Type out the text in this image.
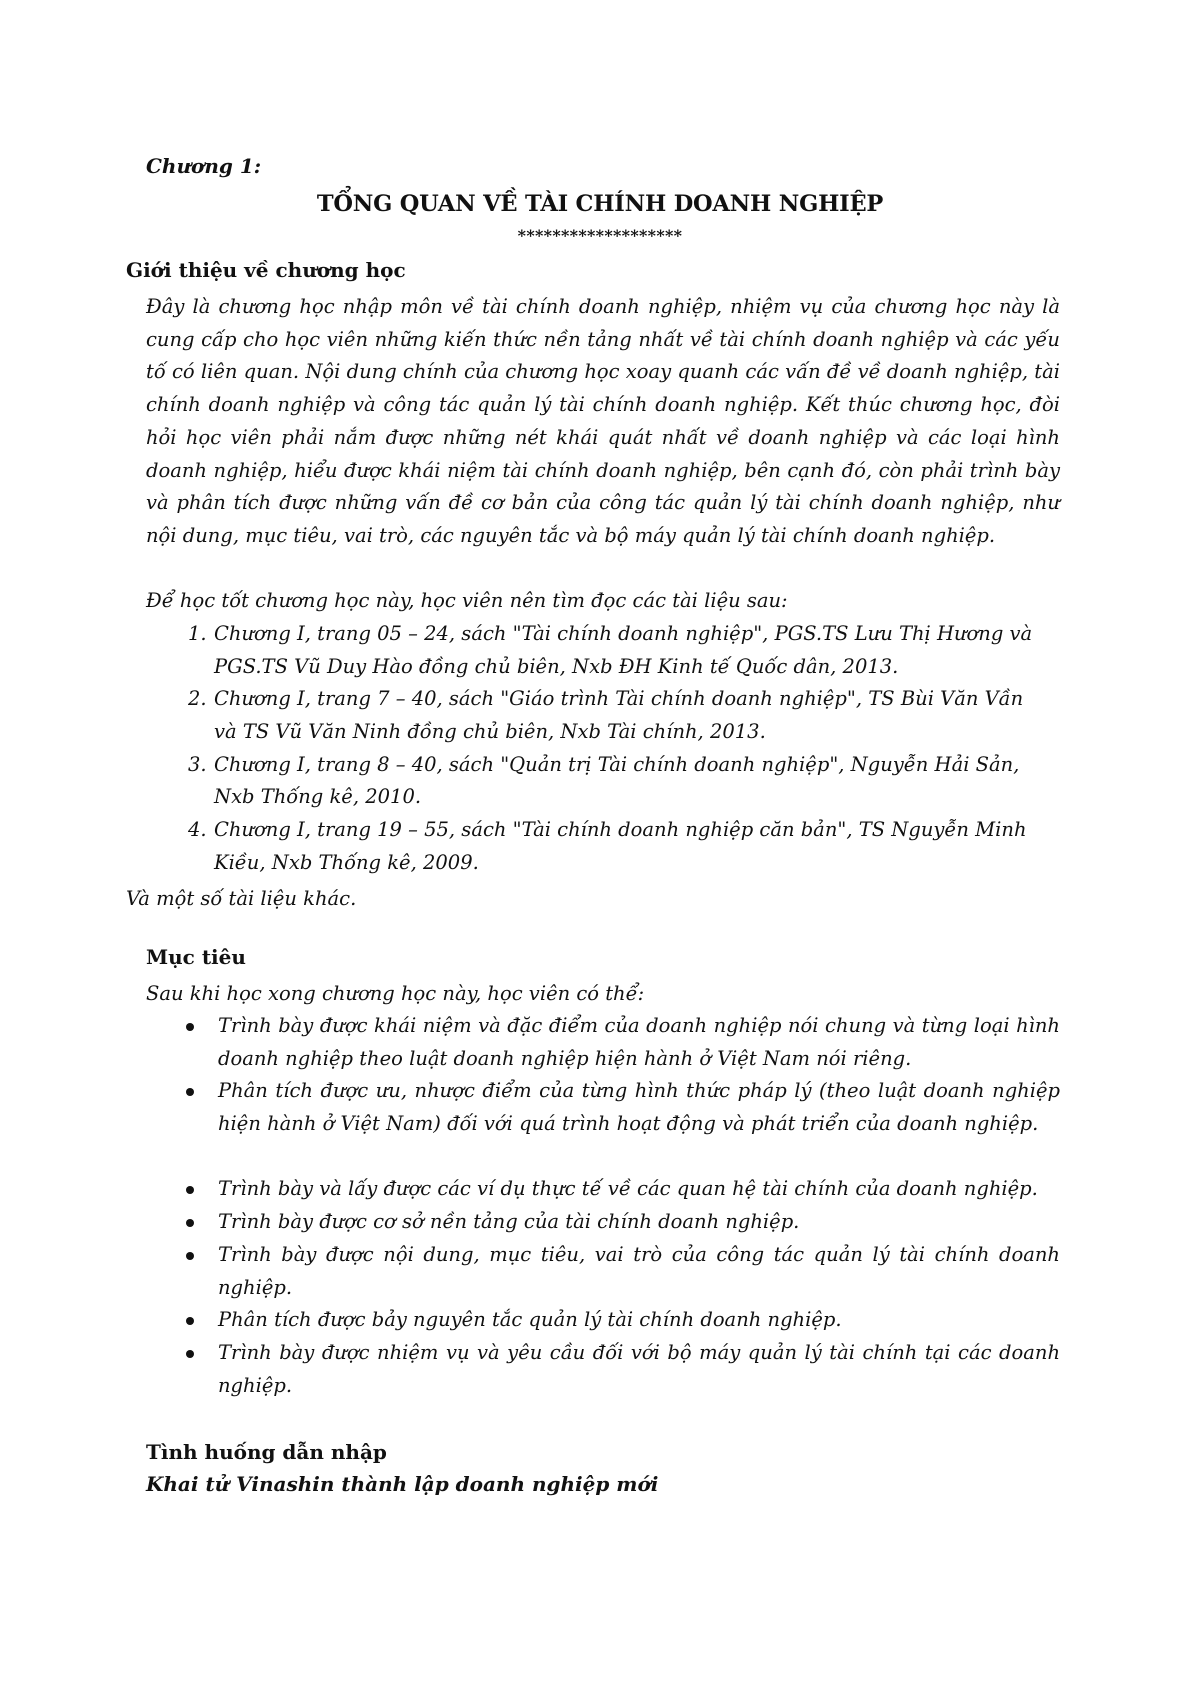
Chương 1:

TỔNG QUAN VỀ TÀI CHÍNH DOANH NGHIỆP

*******************

Giới thiệu về chương học

Đây là chương học nhập môn về tài chính doanh nghiệp, nhiệm vụ của chương học này là cung cấp cho học viên những kiến thức nền tảng nhất về tài chính doanh nghiệp và các yếu tố có liên quan. Nội dung chính của chương học xoay quanh các vấn đề về doanh nghiệp, tài chính doanh nghiệp và công tác quản lý tài chính doanh nghiệp. Kết thúc chương học, đòi hỏi học viên phải nắm được những nét khái quát nhất về doanh nghiệp và các loại hình doanh nghiệp, hiểu được khái niệm tài chính doanh nghiệp, bên cạnh đó, còn phải trình bày và phân tích được những vấn đề cơ bản của công tác quản lý tài chính doanh nghiệp, như nội dung, mục tiêu, vai trò, các nguyên tắc và bộ máy quản lý tài chính doanh nghiệp.

Để học tốt chương học này, học viên nên tìm đọc các tài liệu sau:

1. Chương I, trang 05 – 24, sách "Tài chính doanh nghiệp", PGS.TS Lưu Thị Hương và
PGS.TS Vũ Duy Hào đồng chủ biên, Nxb ĐH Kinh tế Quốc dân, 2013.
2. Chương I, trang 7 – 40, sách "Giáo trình Tài chính doanh nghiệp", TS Bùi Văn Vần
và TS Vũ Văn Ninh đồng chủ biên, Nxb Tài chính, 2013.
3. Chương I, trang 8 – 40, sách "Quản trị Tài chính doanh nghiệp", Nguyễn Hải Sản,
Nxb Thống kê, 2010.
4. Chương I, trang 19 – 55, sách "Tài chính doanh nghiệp căn bản", TS Nguyễn Minh
Kiều, Nxb Thống kê, 2009.

Và một số tài liệu khác.

Mục tiêu

Sau khi học xong chương học này, học viên có thể:

Trình bày được khái niệm và đặc điểm của doanh nghiệp nói chung và từng loại hình doanh nghiệp theo luật doanh nghiệp hiện hành ở Việt Nam nói riêng.
Phân tích được ưu, nhược điểm của từng hình thức pháp lý (theo luật doanh nghiệp hiện hành ở Việt Nam) đối với quá trình hoạt động và phát triển của doanh nghiệp.
Trình bày và lấy được các ví dụ thực tế về các quan hệ tài chính của doanh nghiệp.
Trình bày được cơ sở nền tảng của tài chính doanh nghiệp.
Trình bày được nội dung, mục tiêu, vai trò của công tác quản lý tài chính doanh nghiệp.
Phân tích được bảy nguyên tắc quản lý tài chính doanh nghiệp.
Trình bày được nhiệm vụ và yêu cầu đối với bộ máy quản lý tài chính tại các doanh nghiệp.
Tình huống dẫn nhập

Khai tử Vinashin thành lập doanh nghiệp mới
